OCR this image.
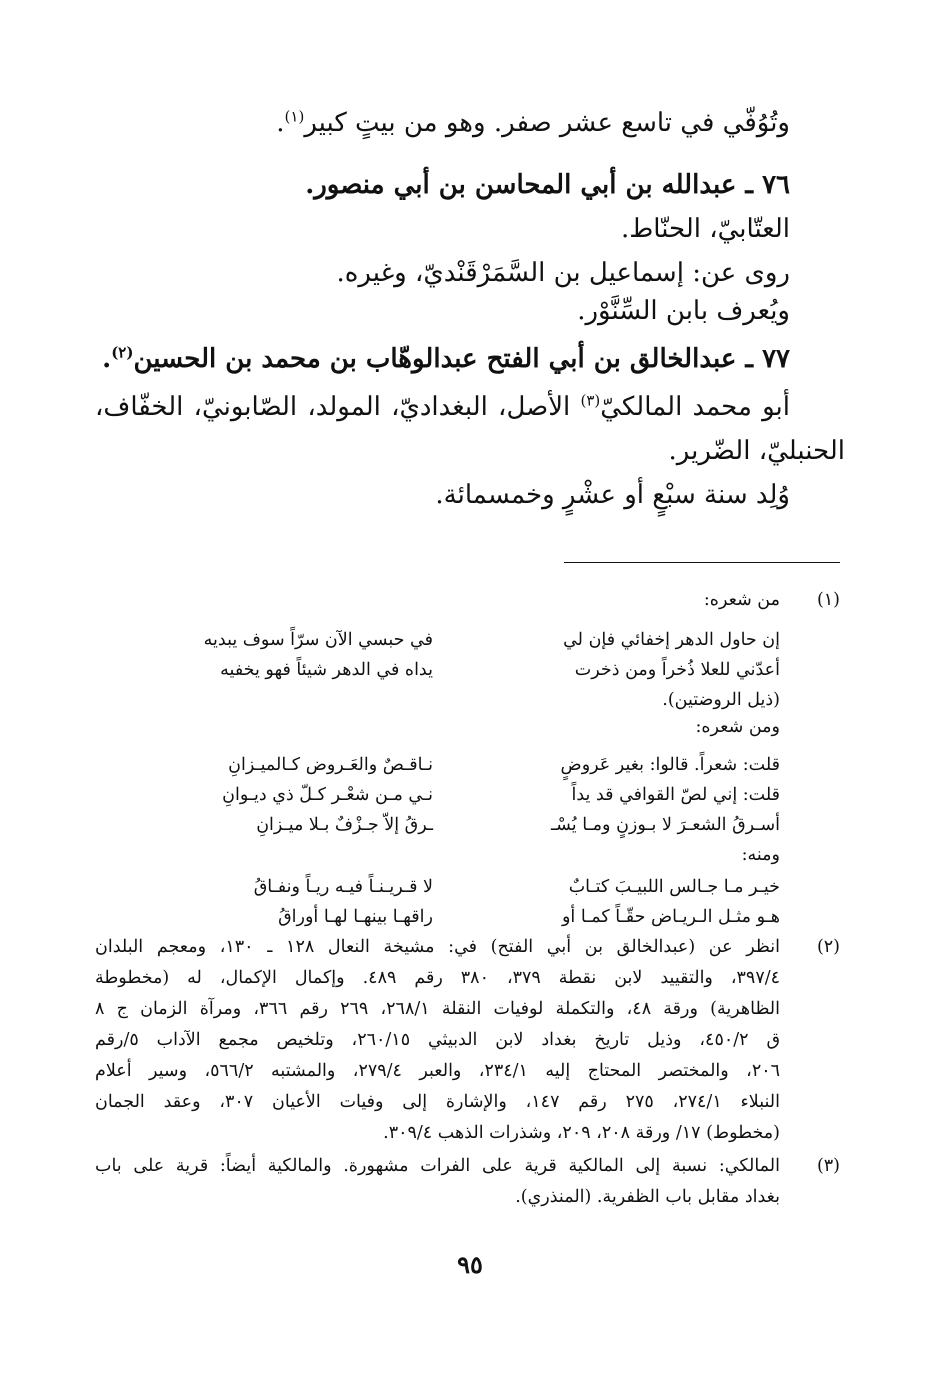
وتُوُفّي في تاسع عشر صفر. وهو من بيتٍ كبير$^{(١)}$.
٧٦ ـ عبدالله بن أبي المحاسن بن أبي منصور.
العتّابيّ، الحنّاط.
روى عن: إسماعيل بن السَّمَرْقَنْديّ، وغيره.
ويُعرف بابن السِّنَّوْر.
٧٧ ـ عبدالخالق بن أبي الفتح عبدالوهّاب بن محمد بن الحسين$^{(٢)}$.
أبو محمد المالكيّ$^{(٣)}$ الأصل، البغداديّ، المولد، الصّابونيّ، الخفّاف،
الحنبليّ، الضّرير.
وُلِد سنة سبْعٍ أو عشْرٍ وخمسمائة.
(١)
من شعره:
إن حاول الدهر إخفائي فإن لي
في حبسي الآن سرّاً سوف يبديه
أعدّني للعلا ذُخراً ومن ذخرت
يداه في الدهر شيئاً فهو يخفيه
(ذيل الروضتين).
ومن شعره:
قلت: شعراً. قالوا: بغير عَروضٍ
نـاقـصٌ والعَـروض كـالميـزانِ
قلت: إني لصّ القوافي قد يداً
نـي مـن شعْـر كـلّ ذي ديـوانِ
أسـرقُ الشعـرَ لا بـوزنٍ ومـا يُسْـ
ـرقُ إلاّ جـزْفٌ بـلا ميـزانِ
ومنه:
خيـر مـا جـالس اللبيـبَ كتـابٌ
لا قـريـنـاً فيـه ريـاً ونفـاقُ
هـو مثـل الـريـاض حقّـاً كمـا أو
راقهـا بينهـا لهـا أوراقُ
(٢)
انظر عن (عبدالخالق بن أبي الفتح) في: مشيخة النعال ١٢٨ ـ ١٣٠، ومعجم البلدان
٣٩٧/٤، والتقييد لابن نقطة ٣٧٩، ٣٨٠ رقم ٤٨٩. وإكمال الإكمال، له (مخطوطة
الظاهرية) ورقة ٤٨، والتكملة لوفيات النقلة ٢٦٨/١، ٢٦٩ رقم ٣٦٦، ومرآة الزمان ج ٨
ق ٤٥٠/٢، وذيل تاريخ بغداد لابن الدبيثي ٢٦٠/١٥، وتلخيص مجمع الآداب ٥/رقم
٢٠٦، والمختصر المحتاج إليه ٢٣٤/١، والعبر ٢٧٩/٤، والمشتبه ٥٦٦/٢، وسير أعلام
النبلاء ٢٧٤/١، ٢٧٥ رقم ١٤٧، والإشارة إلى وفيات الأعيان ٣٠٧، وعقد الجمان
(مخطوط) ١٧/ ورقة ٢٠٨، ٢٠٩، وشذرات الذهب ٣٠٩/٤.
(٣)
المالكي: نسبة إلى المالكية قرية على الفرات مشهورة. والمالكية أيضاً: قرية على باب
بغداد مقابل باب الظفرية. (المنذري).
٩٥
